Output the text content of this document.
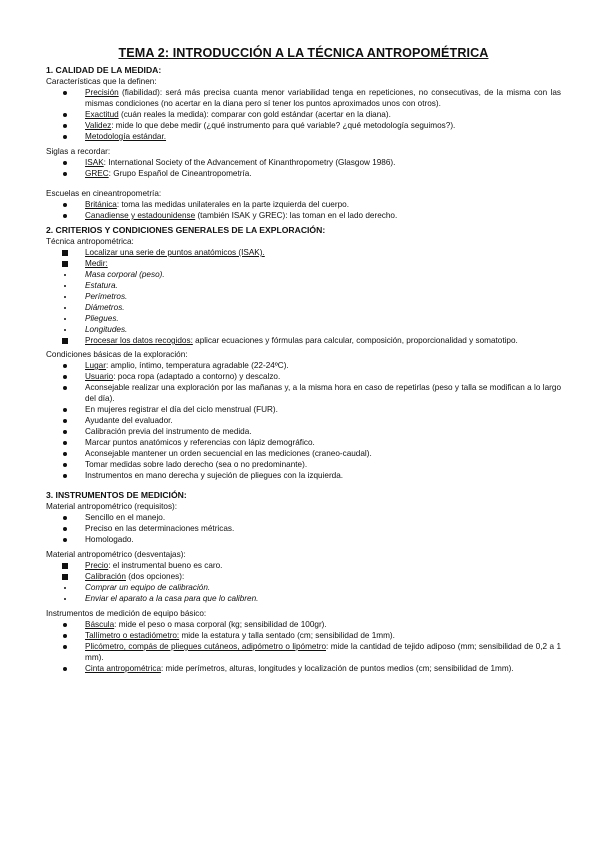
TEMA 2: INTRODUCCIÓN A LA TÉCNICA ANTROPOMÉTRICA
1. CALIDAD DE LA MEDIDA:

Características que la definen:

Precisión (fiabilidad): será más precisa cuanta menor variabilidad tenga en repeticiones, no consecutivas, de la misma con las mismas condiciones (no acertar en la diana pero sí tener los puntos aproximados unos con otros).
Exactitud (cuán reales la medida): comparar con gold estándar (acertar en la diana).
Validez: mide lo que debe medir (¿qué instrumento para qué variable? ¿qué metodología seguimos?).
Metodología estándar.

Siglas a recordar:

ISAK: International Society of the Advancement of Kinanthropometry (Glasgow 1986).
GREC: Grupo Español de Cineantropometría.

Escuelas en cineantropometría:

Británica: toma las medidas unilaterales en la parte izquierda del cuerpo.
Canadiense y estadounidense (también ISAK y GREC): las toman en el lado derecho.
2. CRITERIOS Y CONDICIONES GENERALES DE LA EXPLORACIÓN:

Técnica antropométrica:

Localizar una serie de puntos anatómicos (ISAK).
Medir:
Masa corporal (peso).
Estatura.
Perímetros.
Diámetros.
Pliegues.
Longitudes.
Procesar los datos recogidos: aplicar ecuaciones y fórmulas para calcular, composición, proporcionalidad y somatotipo.

Condiciones básicas de la exploración:

Lugar: amplio, íntimo, temperatura agradable (22-24ºC).
Usuario: poca ropa (adaptado a contorno) y descalzo.
Aconsejable realizar una exploración por las mañanas y, a la misma hora en caso de repetirlas (peso y talla se modifican a lo largo del día).
En mujeres registrar el día del ciclo menstrual (FUR).
Ayudante del evaluador.
Calibración previa del instrumento de medida.
Marcar puntos anatómicos y referencias con lápiz demográfico.
Aconsejable mantener un orden secuencial en las mediciones (craneo-caudal).
Tomar medidas sobre lado derecho (sea o no predominante).
Instrumentos en mano derecha y sujeción de pliegues con la izquierda.
3. INSTRUMENTOS DE MEDICIÓN:

Material antropométrico (requisitos):

Sencillo en el manejo.
Preciso en las determinaciones métricas.
Homologado.

Material antropométrico (desventajas):

Precio: el instrumental bueno es caro.
Calibración (dos opciones):
Comprar un equipo de calibración.
Enviar el aparato a la casa para que lo calibren.

Instrumentos de medición de equipo básico:

Báscula: mide el peso o masa corporal (kg; sensibilidad de 100gr).
Tallímetro o estadiómetro: mide la estatura y talla sentado (cm; sensibilidad de 1mm).
Plicómetro, compás de pliegues cutáneos, adipómetro o lipómetro: mide la cantidad de tejido adiposo (mm; sensibilidad de 0,2 a 1 mm).
Cinta antropométrica: mide perímetros, alturas, longitudes y localización de puntos medios (cm; sensibilidad de 1mm).
